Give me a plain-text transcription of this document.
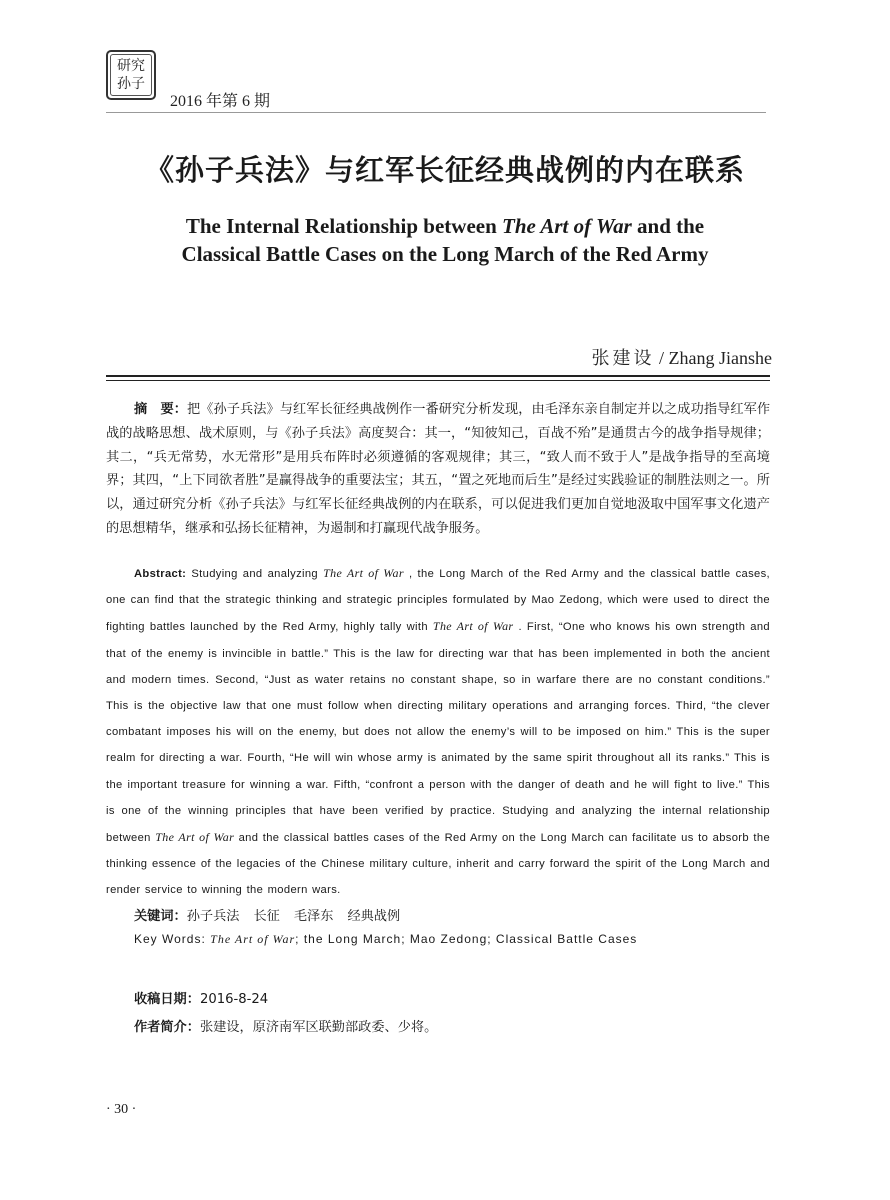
研究孙子
2016 年第 6 期
《孙子兵法》与红军长征经典战例的内在联系
The Internal Relationship between The Art of War and the
Classical Battle Cases on the Long March of the Red Army
张建设 / Zhang Jianshe
摘　要：把《孙子兵法》与红军长征经典战例作一番研究分析发现，由毛泽东亲自制定并以之成功指导红军作战的战略思想、战术原则，与《孙子兵法》高度契合：其一，“知彼知己，百战不殆”是通贯古今的战争指导规律；其二，“兵无常势，水无常形”是用兵布阵时必须遵循的客观规律；其三，“致人而不致于人”是战争指导的至高境界；其四，“上下同欲者胜”是赢得战争的重要法宝；其五，“置之死地而后生”是经过实践验证的制胜法则之一。所以，通过研究分析《孙子兵法》与红军长征经典战例的内在联系，可以促进我们更加自觉地汲取中国军事文化遗产的思想精华，继承和弘扬长征精神，为遏制和打赢现代战争服务。
Abstract: Studying and analyzing The Art of War , the Long March of the Red Army and the classical battle cases, one can find that the strategic thinking and strategic principles formulated by Mao Zedong, which were used to direct the fighting battles launched by the Red Army, highly tally with The Art of War . First, “One who knows his own strength and that of the enemy is invincible in battle.” This is the law for directing war that has been implemented in both the ancient and modern times. Second, “Just as water retains no constant shape, so in warfare there are no constant conditions.” This is the objective law that one must follow when directing military operations and arranging forces. Third, “the clever combatant imposes his will on the enemy, but does not allow the enemy’s will to be imposed on him.” This is the super realm for directing a war. Fourth, “He will win whose army is animated by the same spirit throughout all its ranks.” This is the important treasure for winning a war. Fifth, “confront a person with the danger of death and he will fight to live.” This is one of the winning principles that have been verified by practice. Studying and analyzing the internal relationship between The Art of War and the classical battles cases of the Red Army on the Long March can facilitate us to absorb the thinking essence of the legacies of the Chinese military culture, inherit and carry forward the spirit of the Long March and render service to winning the modern wars.
关键词：孙子兵法 长征 毛泽东 经典战例
Key Words: The Art of War; the Long March; Mao Zedong; Classical Battle Cases
收稿日期：2016-8-24
作者简介：张建设，原济南军区联勤部政委、少将。
· 30 ·
